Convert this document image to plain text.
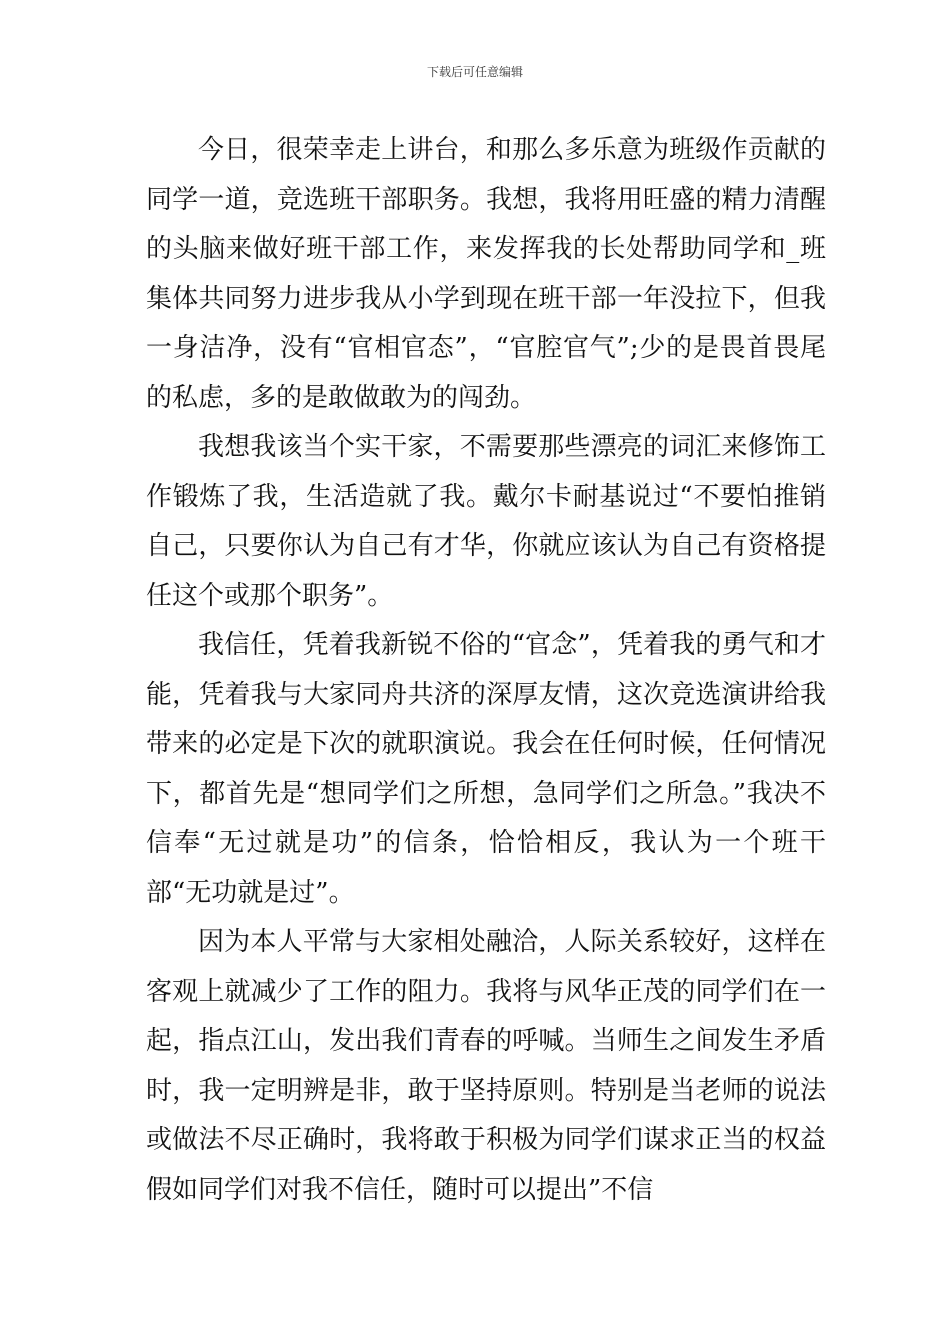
下载后可任意编辑

今日，很荣幸走上讲台，和那么多乐意为班级作贡献的同学一道，竞选班干部职务。我想，我将用旺盛的精力清醒的头脑来做好班干部工作，来发挥我的长处帮助同学和_班集体共同努力进步我从小学到现在班干部一年没拉下，但我一身洁净，没有“官相官态”，“官腔官气”;少的是畏首畏尾的私虑，多的是敢做敢为的闯劲。

我想我该当个实干家，不需要那些漂亮的词汇来修饰工作锻炼了我，生活造就了我。戴尔卡耐基说过“不要怕推销自己，只要你认为自己有才华，你就应该认为自己有资格提任这个或那个职务”。

我信任，凭着我新锐不俗的“官念”，凭着我的勇气和才能，凭着我与大家同舟共济的深厚友情，这次竞选演讲给我带来的必定是下次的就职演说。我会在任何时候，任何情况下，都首先是“想同学们之所想，急同学们之所急。”我决不信奉“无过就是功”的信条，恰恰相反，我认为一个班干部“无功就是过”。

因为本人平常与大家相处融洽，人际关系较好，这样在客观上就减少了工作的阻力。我将与风华正茂的同学们在一起，指点江山，发出我们青春的呼喊。当师生之间发生矛盾时，我一定明辨是非，敢于坚持原则。特别是当老师的说法或做法不尽正确时，我将敢于积极为同学们谋求正当的权益假如同学们对我不信任，随时可以提出”不信
